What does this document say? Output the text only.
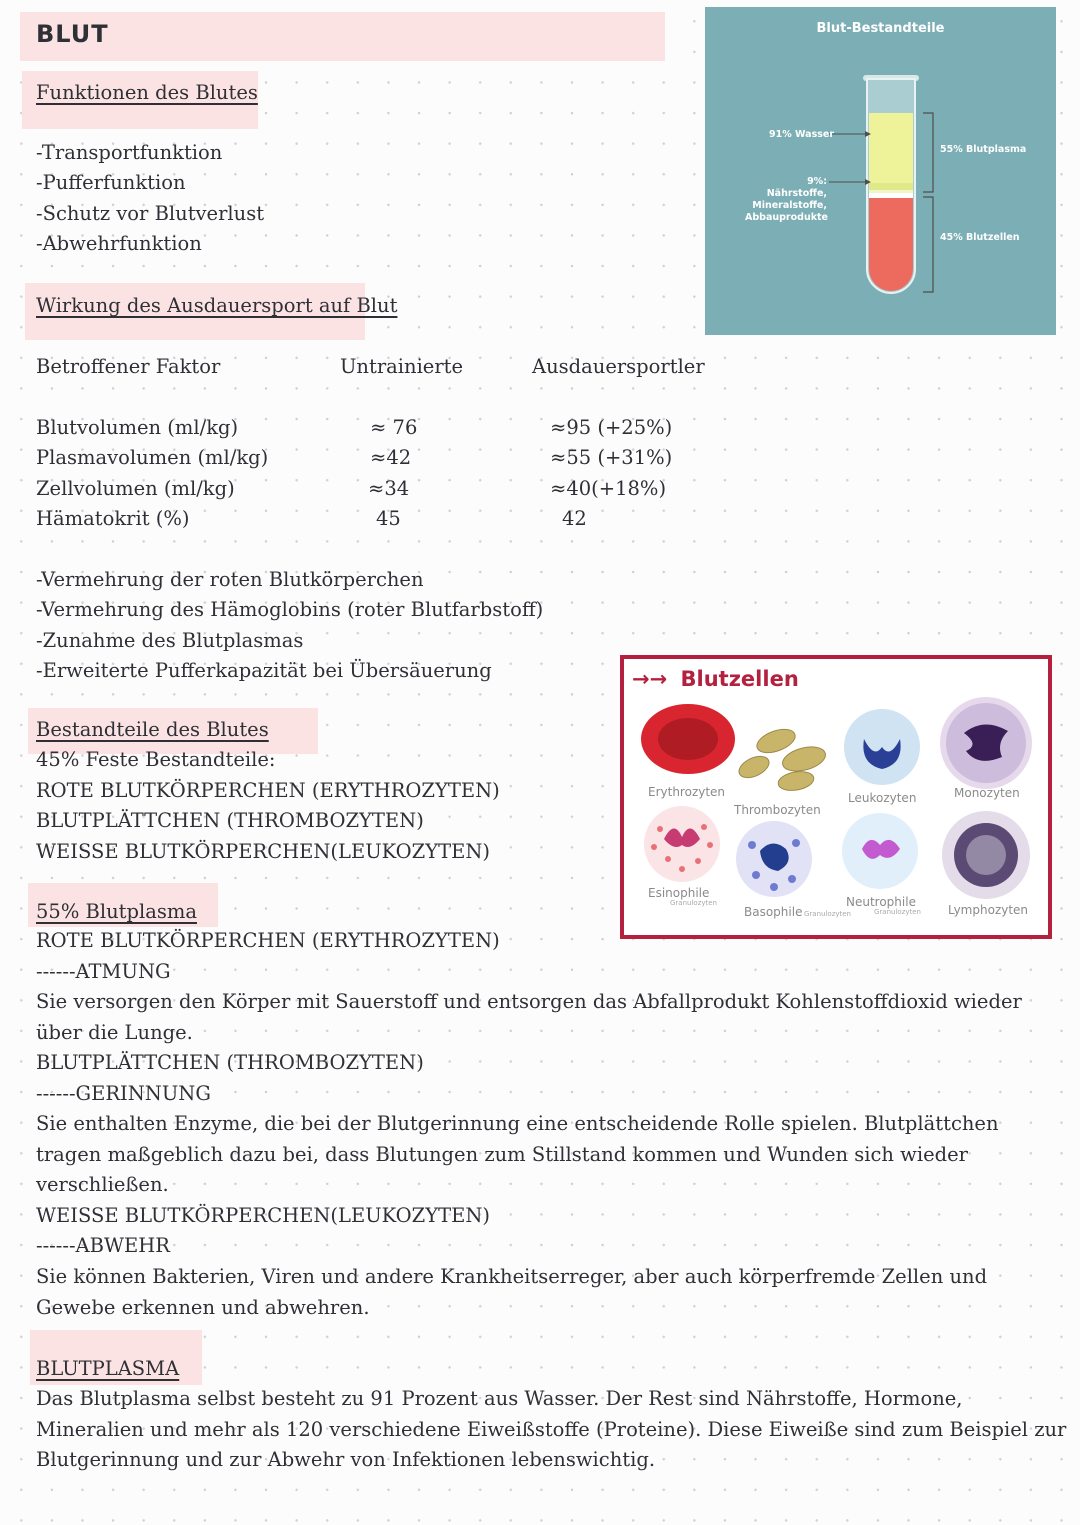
BLUT
Funktionen des Blutes
-Transportfunktion
-Pufferfunktion
-Schutz vor Blutverlust
-Abwehrfunktion
Wirkung des Ausdauersport auf Blut
Betroffener Faktor	Untrainierte	Ausdauersportler
Blutvolumen (ml/kg)	≈ 76	≈95 (+25%)
Plasmavolumen (ml/kg)	≈42	≈55 (+31%)
Zellvolumen (ml/kg)	≈34	≈40(+18%)
Hämatokrit (%)	45	42
-Vermehrung der roten Blutkörperchen
-Vermehrung des Hämoglobins (roter Blutfarbstoff)
-Zunahme des Blutplasmas
-Erweiterte Pufferkapazität bei Übersäuerung
Bestandteile des Blutes
45% Feste Bestandteile:
ROTE BLUTKÖRPERCHEN (ERYTHROZYTEN)
BLUTPLÄTTCHEN (THROMBOZYTEN)
WEISSE BLUTKÖRPERCHEN(LEUKOZYTEN)
55% Blutplasma
ROTE BLUTKÖRPERCHEN (ERYTHROZYTEN)
------ATMUNG
Sie versorgen den Körper mit Sauerstoff und entsorgen das Abfallprodukt Kohlenstoffdioxid wieder
über die Lunge.
BLUTPLÄTTCHEN (THROMBOZYTEN)
------GERINNUNG
Sie enthalten Enzyme, die bei der Blutgerinnung eine entscheidende Rolle spielen. Blutplättchen
tragen maßgeblich dazu bei, dass Blutungen zum Stillstand kommen und Wunden sich wieder
verschließen.
WEISSE BLUTKÖRPERCHEN(LEUKOZYTEN)
------ABWEHR
Sie können Bakterien, Viren und andere Krankheitserreger, aber auch körperfremde Zellen und
Gewebe erkennen und abwehren.
BLUTPLASMA
Das Blutplasma selbst besteht zu 91 Prozent aus Wasser. Der Rest sind Nährstoffe, Hormone,
Mineralien und mehr als 120 verschiedene Eiweißstoffe (Proteine). Diese Eiweiße sind zum Beispiel zur
Blutgerinnung und zur Abwehr von Infektionen lebenswichtig.
Blut-Bestandteile
91% Wasser
9%: Nährstoffe,
Mineralstoffe,
Abbauprodukte
55% Blutplasma
45% Blutzellen
→→ Blutzellen
Erythrozyten
Thrombozyten
Leukozyten	Monozyten
Esinophile
Granulozyten
Basophile Granulozyten
Neutrophile
Granulozyten Lymphozyten
